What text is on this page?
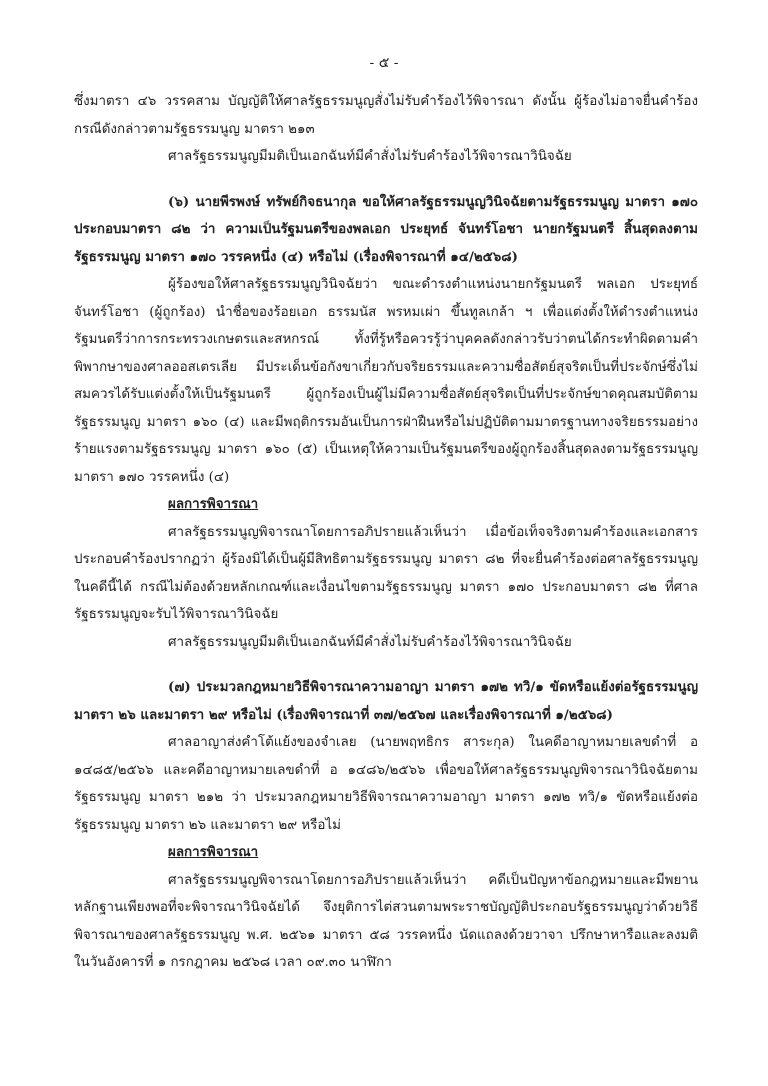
- ๕ -

ซึ่งมาตรา ๔๖ วรรคสาม บัญญัติให้ศาลรัฐธรรมนูญสั่งไม่รับคำร้องไว้พิจารณา ดังนั้น ผู้ร้องไม่อาจยื่นคำร้องกรณีดังกล่าวตามรัฐธรรมนูญ มาตรา ๒๑๓

ศาลรัฐธรรมนูญมีมติเป็นเอกฉันท์มีคำสั่งไม่รับคำร้องไว้พิจารณาวินิจฉัย

(๖) นายพีรพงษ์ ทรัพย์กิจธนากุล ขอให้ศาลรัฐธรรมนูญวินิจฉัยตามรัฐธรรมนูญ มาตรา ๑๗๐ ประกอบมาตรา ๘๒ ว่า ความเป็นรัฐมนตรีของพลเอก ประยุทธ์ จันทร์โอชา นายกรัฐมนตรี สิ้นสุดลงตามรัฐธรรมนูญ มาตรา ๑๗๐ วรรคหนึ่ง (๔) หรือไม่ (เรื่องพิจารณาที่ ๑๔/๒๕๖๘)

ผู้ร้องขอให้ศาลรัฐธรรมนูญวินิจฉัยว่า ขณะดำรงตำแหน่งนายกรัฐมนตรี พลเอก ประยุทธ์ จันทร์โอชา (ผู้ถูกร้อง) นำชื่อของร้อยเอก ธรรมนัส พรหมเผ่า ขึ้นทูลเกล้า ฯ เพื่อแต่งตั้งให้ดำรงตำแหน่งรัฐมนตรีว่าการกระทรวงเกษตรและสหกรณ์ ทั้งที่รู้หรือควรรู้ว่าบุคคลดังกล่าวรับว่าตนได้กระทำผิดตามคำพิพากษาของศาลออสเตรเลีย มีประเด็นข้อกังขาเกี่ยวกับจริยธรรมและความซื่อสัตย์สุจริตเป็นที่ประจักษ์ซึ่งไม่สมควรได้รับแต่งตั้งให้เป็นรัฐมนตรี ผู้ถูกร้องเป็นผู้ไม่มีความซื่อสัตย์สุจริตเป็นที่ประจักษ์ขาดคุณสมบัติตามรัฐธรรมนูญ มาตรา ๑๖๐ (๔) และมีพฤติกรรมอันเป็นการฝ่าฝืนหรือไม่ปฏิบัติตามมาตรฐานทางจริยธรรมอย่างร้ายแรงตามรัฐธรรมนูญ มาตรา ๑๖๐ (๕) เป็นเหตุให้ความเป็นรัฐมนตรีของผู้ถูกร้องสิ้นสุดลงตามรัฐธรรมนูญ มาตรา ๑๗๐ วรรคหนึ่ง (๔)

ผลการพิจารณา

ศาลรัฐธรรมนูญพิจารณาโดยการอภิปรายแล้วเห็นว่า เมื่อข้อเท็จจริงตามคำร้องและเอกสารประกอบคำร้องปรากฏว่า ผู้ร้องมิได้เป็นผู้มีสิทธิตามรัฐธรรมนูญ มาตรา ๘๒ ที่จะยื่นคำร้องต่อศาลรัฐธรรมนูญในคดีนี้ได้ กรณีไม่ต้องด้วยหลักเกณฑ์และเงื่อนไขตามรัฐธรรมนูญ มาตรา ๑๗๐ ประกอบมาตรา ๘๒ ที่ศาลรัฐธรรมนูญจะรับไว้พิจารณาวินิจฉัย

ศาลรัฐธรรมนูญมีมติเป็นเอกฉันท์มีคำสั่งไม่รับคำร้องไว้พิจารณาวินิจฉัย

(๗) ประมวลกฎหมายวิธีพิจารณาความอาญา มาตรา ๑๗๒ ทวิ/๑ ขัดหรือแย้งต่อรัฐธรรมนูญ มาตรา ๒๖ และมาตรา ๒๙ หรือไม่ (เรื่องพิจารณาที่ ๓๗/๒๕๖๗ และเรื่องพิจารณาที่ ๑/๒๕๖๘)

ศาลอาญาส่งคำโต้แย้งของจำเลย (นายพฤทธิกร สาระกุล) ในคดีอาญาหมายเลขดำที่ อ ๑๔๘๕/๒๕๖๖ และคดีอาญาหมายเลขดำที่ อ ๑๔๘๖/๒๕๖๖ เพื่อขอให้ศาลรัฐธรรมนูญพิจารณาวินิจฉัยตามรัฐธรรมนูญ มาตรา ๒๑๒ ว่า ประมวลกฎหมายวิธีพิจารณาความอาญา มาตรา ๑๗๒ ทวิ/๑ ขัดหรือแย้งต่อรัฐธรรมนูญ มาตรา ๒๖ และมาตรา ๒๙ หรือไม่

ผลการพิจารณา

ศาลรัฐธรรมนูญพิจารณาโดยการอภิปรายแล้วเห็นว่า คดีเป็นปัญหาข้อกฎหมายและมีพยานหลักฐานเพียงพอที่จะพิจารณาวินิจฉัยได้ จึงยุติการไต่สวนตามพระราชบัญญัติประกอบรัฐธรรมนูญว่าด้วยวิธีพิจารณาของศาลรัฐธรรมนูญ พ.ศ. ๒๕๖๑ มาตรา ๕๘ วรรคหนึ่ง นัดแถลงด้วยวาจา ปรึกษาหารือและลงมติ ในวันอังคารที่ ๑ กรกฎาคม ๒๕๖๘ เวลา ๐๙.๓๐ นาฬิกา
